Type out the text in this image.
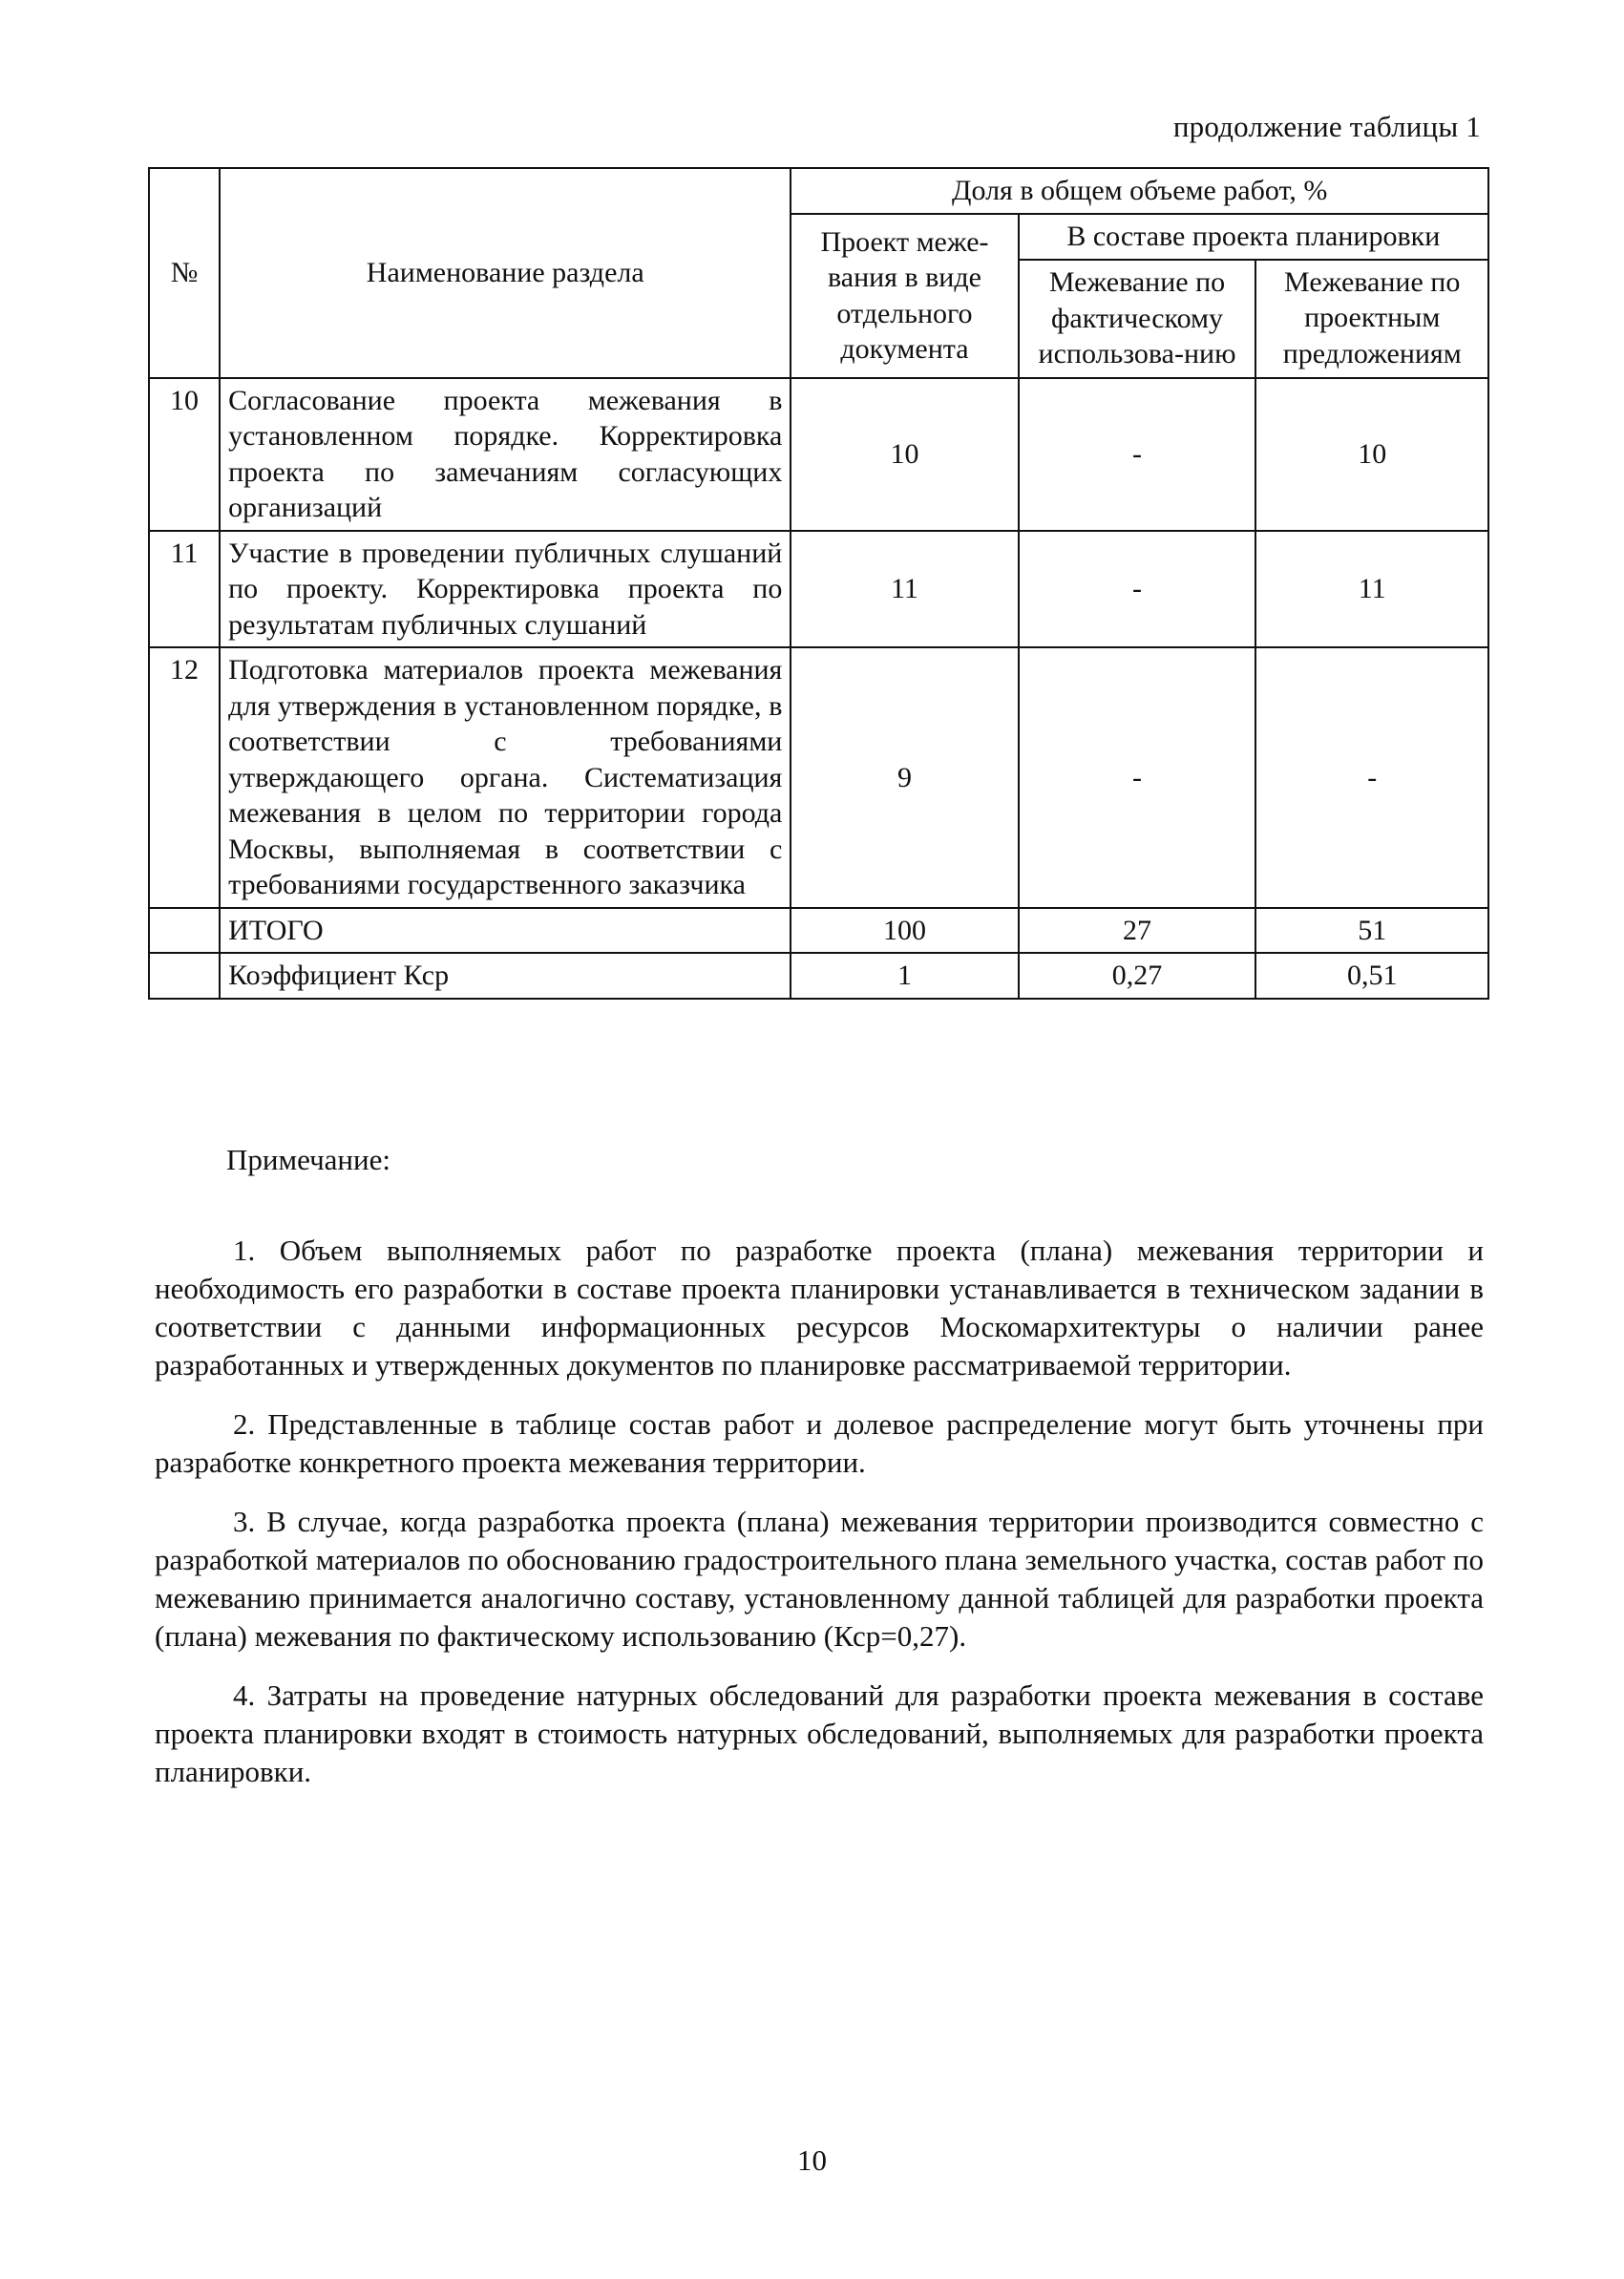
продолжение таблицы 1
№	Наименование раздела	Доля в общем объеме работ, %		
		Проект меже-вания в виде отдельного документа	В составе проекта планировки	
			Межевание по фактическому использова-нию	Межевание по проектным предложениям
10	Согласование проекта межевания в установленном порядке. Корректировка проекта по замечаниям согласующих организаций	10	-	10
11	Участие в проведении публичных слушаний по проекту. Корректировка проекта по результатам публичных слушаний	11	-	11
12	Подготовка материалов проекта межевания для утверждения в установленном порядке, в соответствии с требованиями утверждающего органа. Систематизация межевания в целом по территории города Москвы, выполняемая в соответствии с требованиями государственного заказчика	9	-	-
	ИТОГО	100	27	51
	Коэффициент Кср	1	0,27	0,51
Примечание:

1. Объем выполняемых работ по разработке проекта (плана) межевания территории и необходимость его разработки в составе проекта планировки устанавливается в техническом задании в соответствии с данными информационных ресурсов Москомархитектуры о наличии ранее разработанных и утвержденных документов по планировке рассматриваемой территории.

2. Представленные в таблице состав работ и долевое распределение могут быть уточнены при разработке конкретного проекта межевания территории.

3. В случае, когда разработка проекта (плана) межевания территории производится совместно с разработкой материалов по обоснованию градостроительного плана земельного участка, состав работ по межеванию принимается аналогично составу, установленному данной таблицей для разработки проекта (плана) межевания по фактическому использованию (Кср=0,27).

4. Затраты на проведение натурных обследований для разработки проекта межевания в составе проекта планировки входят в стоимость натурных обследований, выполняемых для разработки проекта планировки.

10
